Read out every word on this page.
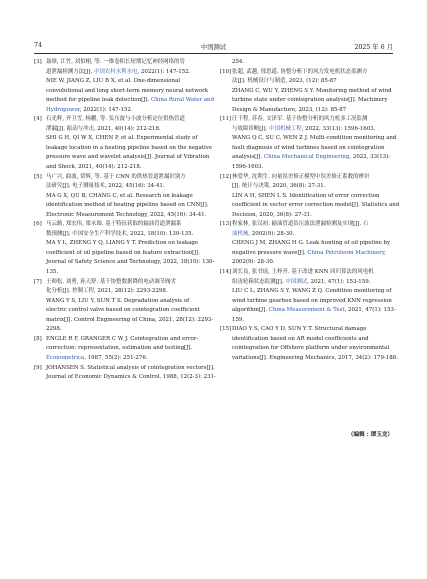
74	中国测试	2025 年 6 月
[3] 聂维, 江竹, 刘伯栩, 等. 一维卷积长短期记忆神经网络的管
道泄漏检测方法[J]. 中国农村水利水电, 2022(1): 147-152.
NIE W, JIANG Z, LIU B X, et al. One-dimensional
convolutional and long short-term memory neural network
method for pipeline leak detection[J]. China Rural Water and
Hydropower, 2022(1): 147-152.
[4] 石光辉, 齐卫雪, 杨鹏, 等. 负压波与小波分析定位供热管道
泄漏[J]. 振动与冲击, 2021, 40(14): 212-218.
SHI G H, QI W X, CHEN P, et al. Experimental study of
leakage location in a heating pipeline based on the negative
pressure wave and wavelet analysis[J]. Journal of Vibration
and Shock, 2021, 40(14): 212-218.
[5] 马广兴, 曲波, 常辉, 等. 基于 CNN 的供热管道泄漏识别方
法研究[J]. 电子测量技术, 2022, 45(16): 34-41.
MA G X, QU B, CHANG C, et al. Research on leakage
identification method of heating pipeline based on CNN[J].
Electronic Measurement Technology, 2022, 45(16): 34-41.
[6] 马云路, 郑宏伟, 梁永图. 基于特征获取的输油管道泄漏系
数预测[J]. 中国安全生产科学技术, 2022, 18(10): 130-135.
MA Y L, ZHENG Y Q, LIANG Y T. Prediction on leakage
coefficient of oil pipeline based on feature extraction[J].
Journal of Safety Science and Technology, 2022, 18(10): 130-
135.
[7] 王师松, 刘勇, 孙天舒. 基于协整数据降的电动调节阀劣
化分析[J]. 控制工程, 2021, 28(12): 2293-2298.
WANG Y S, LIU Y, SUN T S. Degradation analysis of
electric control valve based on cointegration coefficient
matrix[J]. Control Engineering of China, 2021, 28(12): 2293-
2298.
[8] ENGLE R F, GRANGER C W J. Cointegration and error-
correction: representation, estimation and testing[J].
Econometrica, 1987, 55(2): 251-276.
[9] JOHANSEN S. Statistical analysis of cointegration vectors[J].
Journal of Economic Dynamics & Control, 1988, 12(2-3): 231-
254.
[10] 张超, 武越, 邢思遥. 协整分析下的风力发电机状态监测方
法[J]. 机械设计与制造, 2023, (12): 85-87
ZHANG C, WU Y, ZHENG S Y. Monitoring method of wind
turbine state under cointegration analysis[J]. Machinery
Design & Manufacture, 2023, (12): 85-87
[11] 汪千程, 苏春, 文泽军. 基于协整分析的风力机多工况监测
与故障诊断[J]. 中国机械工程, 2022, 33(13): 1596-1603.
WANG Q C, SU C, WEN Z J. Multi-condition monitoring and
fault diagnosis of wind turbines based on cointegration
analysis[J]. China Mechanical Engineering, 2022, 33(13):
1596-1603.
[12] 林爱华, 沈利生. 向量误差修正模型中误差修正系数的辨识
[J]. 统计与决策, 2020, 36(8): 27-31.
LIN A H, SHEN L S. Identification of error correction
coefficient in vector error correction model[J]. Statistics and
Decision, 2020, 36(8): 27-31.
[13] 程家林, 张汉初. 输油管道负压波法泄漏检测及实现[J]. 石
油机械, 2002(9): 28-30.
CHENG J M, ZHANG H G. Leak hunting of oil pipeline by
negative pressure wave[J]. China Petroleum Machinery,
2002(9): 28-30.
[14] 刘长良, 张书瑶, 王梓齐. 基于改进 KNN 回归算法的风电机
组齿轮箱状态监测[J]. 中国测试, 2021, 47(1): 153-159.
LIU C L, ZHANG S Y, WANG Z Q. Condition monitoring of
wind turbine gearbox based on improved KNN regression
algorithm[J]. China Measurement & Test, 2021, 47(1): 153-
159.
[15] DIAO Y S, CAO Y D, SUN Y T. Structural damage
identification based on AR model coefficients and
cointegration for Offshore platform under environmental
variations[J]. Engineering Mechanics, 2017, 34(2): 179-188.
（编辑 : 谭玉龙）
